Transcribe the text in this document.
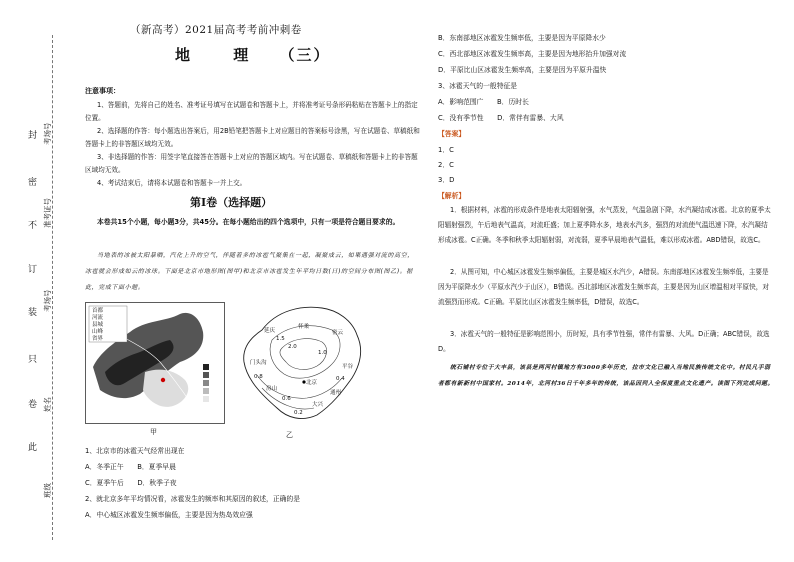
封
密
不
订
装
只
卷
此
考场号
准考证号
考场号
姓名
班级
（新高考）2021届高考考前冲刺卷
地	理 （三）
注意事项：
1、答题前，先将自己的姓名、准考证号填写在试题卷和答题卡上，并将准考证号条形码粘贴在答题卡上的指定位置。
2、选择题的作答：每小题选出答案后，用2B铅笔把答题卡上对应题目的答案标号涂黑，写在试题卷、草稿纸和答题卡上的非答题区域均无效。
3、非选择题的作答：用签字笔直接答在答题卡上对应的答题区域内。写在试题卷、草稿纸和答题卡上的非答题区域均无效。
4、考试结束后，请将本试题卷和答题卡一并上交。
第Ⅰ卷（选择题）
本卷共15个小题，每小题3分，共45分。在每小题给出的四个选项中，只有一项是符合题目要求的。
当地表的冰被太阳暴晒，汽化上升的空气，伴随着多的冰雹气聚集在一起，凝聚成云，如果遇强对流的高空，冰雹就会形成如云的冰球。下面是北京市地形图(图甲)和北京市冰雹发生年平均日数(日)的空间分布图(图乙)。据此，完成下面小题。
首都
河流
县城
山峰
省界
甲
延庆
怀柔
密云
平谷
北京
房山
大兴
门头沟
通州
2.0
1.5
1.0
0.8
0.6
0.4
0.2
乙
1、北京市的冰雹天气经常出现在
A．冬季正午　　B．夏季早晨
C．夏季午后　　D．秋季子夜
2、就北京多年平均情况看，冰雹发生的频率和其原因的叙述，正确的是
A．中心城区冰雹发生频率偏低，主要是因为热岛效应强
B．东南部地区冰雹发生频率低，主要是因为平原降水少
C．西北部地区冰雹发生频率高，主要是因为地形抬升加强对流
D．平原比山区冰雹发生频率高，主要是因为平原升温快
3、冰雹天气的一般特征是
A．影响范围广　　B．历时长
C．没有季节性　　D．常伴有雷暴、大风
【答案】
1．C
2．C
3．D
【解析】
1．根据材料，冰雹的形成条件是地表太阳辐射强，水气蒸发，气温急剧下降，水汽凝结成冰雹。北京的夏季太阳辐射强烈，午后地表气温高，对流旺盛；加上夏季降水多，地表水汽多，强烈的对流使气温迅速下降，水汽凝结形成冰雹。C正确。冬季和秋季太阳辐射弱，对流弱，夏季早晨地表气温低，难以形成冰雹。ABD错误，故选C。
2．从图可知，中心城区冰雹发生频率偏低，主要是城区水汽少，A错误。东南部地区冰雹发生频率低，主要是因为平原降水少（平原水汽少于山区），B错误。西北部地区冰雹发生频率高，主要是因为山区增温相对平原快，对流强烈而形成。C正确。平原比山区冰雹发生频率低，D错误，故选C。
3．冰雹天气的一般特征是影响范围小，历时短，具有季节性强，常伴有雷暴、大风。D正确；ABC错误，故选D。
统石铺村专位于大丰县，该县是两河村镇地方有3000多年历史，拉市文化已融入当地民族传统文化中。村民凡手弱者都有新新村中国家村。2014年，北河村36日千年多年的传统，该品因列入全保度重点文化遗产。读图下列完成问题。
